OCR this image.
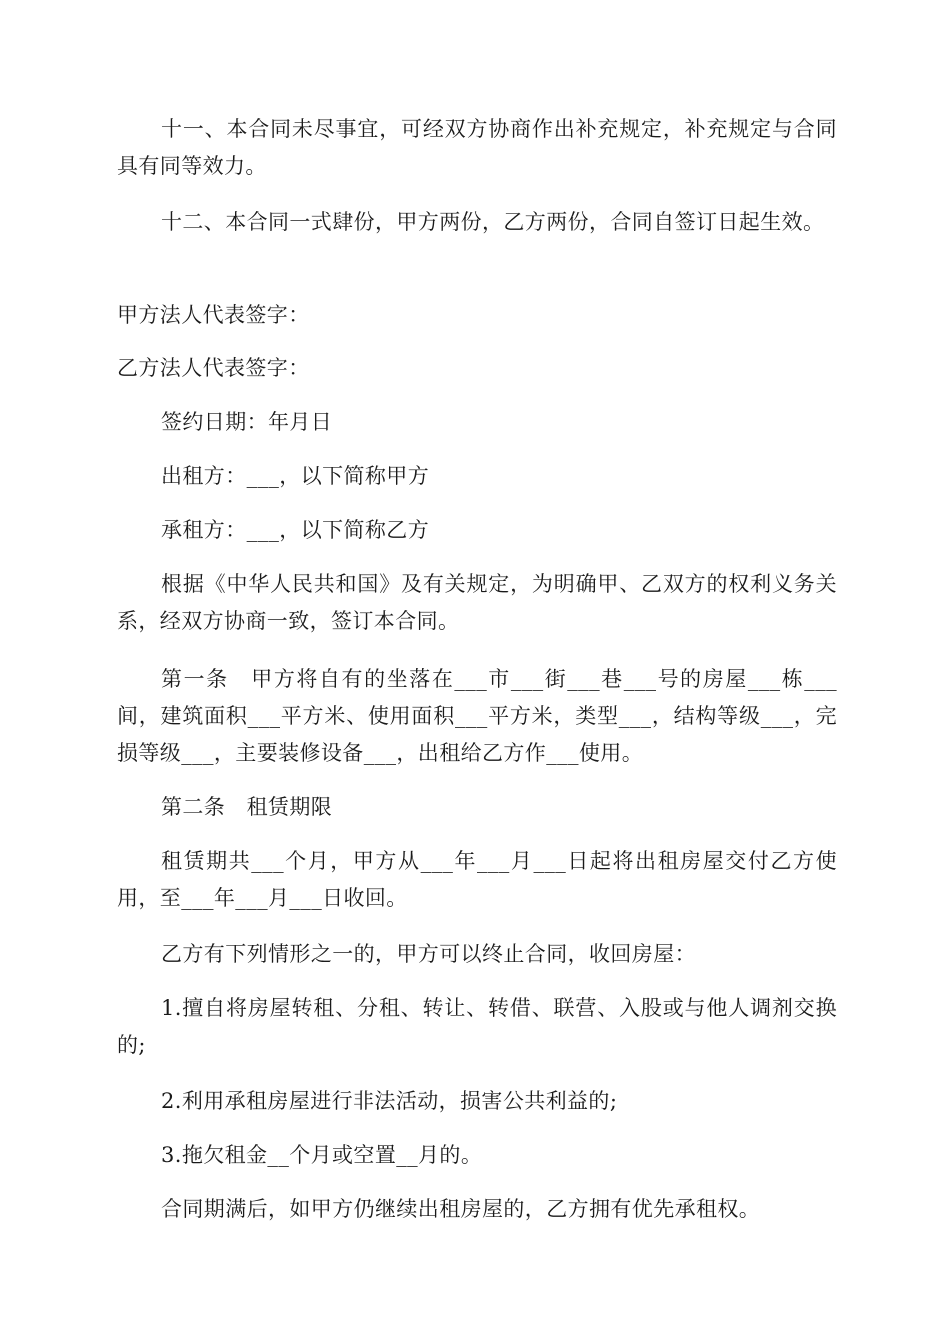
十一、本合同未尽事宜，可经双方协商作出补充规定，补充规定与合同具有同等效力。

十二、本合同一式肆份，甲方两份，乙方两份，合同自签订日起生效。

甲方法人代表签字：

乙方法人代表签字：

签约日期：年月日

出租方：___，以下简称甲方

承租方：___，以下简称乙方

根据《中华人民共和国》及有关规定，为明确甲、乙双方的权利义务关系，经双方协商一致，签订本合同。

第一条　甲方将自有的坐落在___市___街___巷___号的房屋___栋___间，建筑面积___平方米、使用面积___平方米，类型___，结构等级___，完损等级___，主要装修设备___，出租给乙方作___使用。

第二条　租赁期限

租赁期共___个月，甲方从___年___月___日起将出租房屋交付乙方使用，至___年___月___日收回。

乙方有下列情形之一的，甲方可以终止合同，收回房屋：

1.擅自将房屋转租、分租、转让、转借、联营、入股或与他人调剂交换的;

2.利用承租房屋进行非法活动，损害公共利益的;

3.拖欠租金__个月或空置__月的。

合同期满后，如甲方仍继续出租房屋的，乙方拥有优先承租权。
